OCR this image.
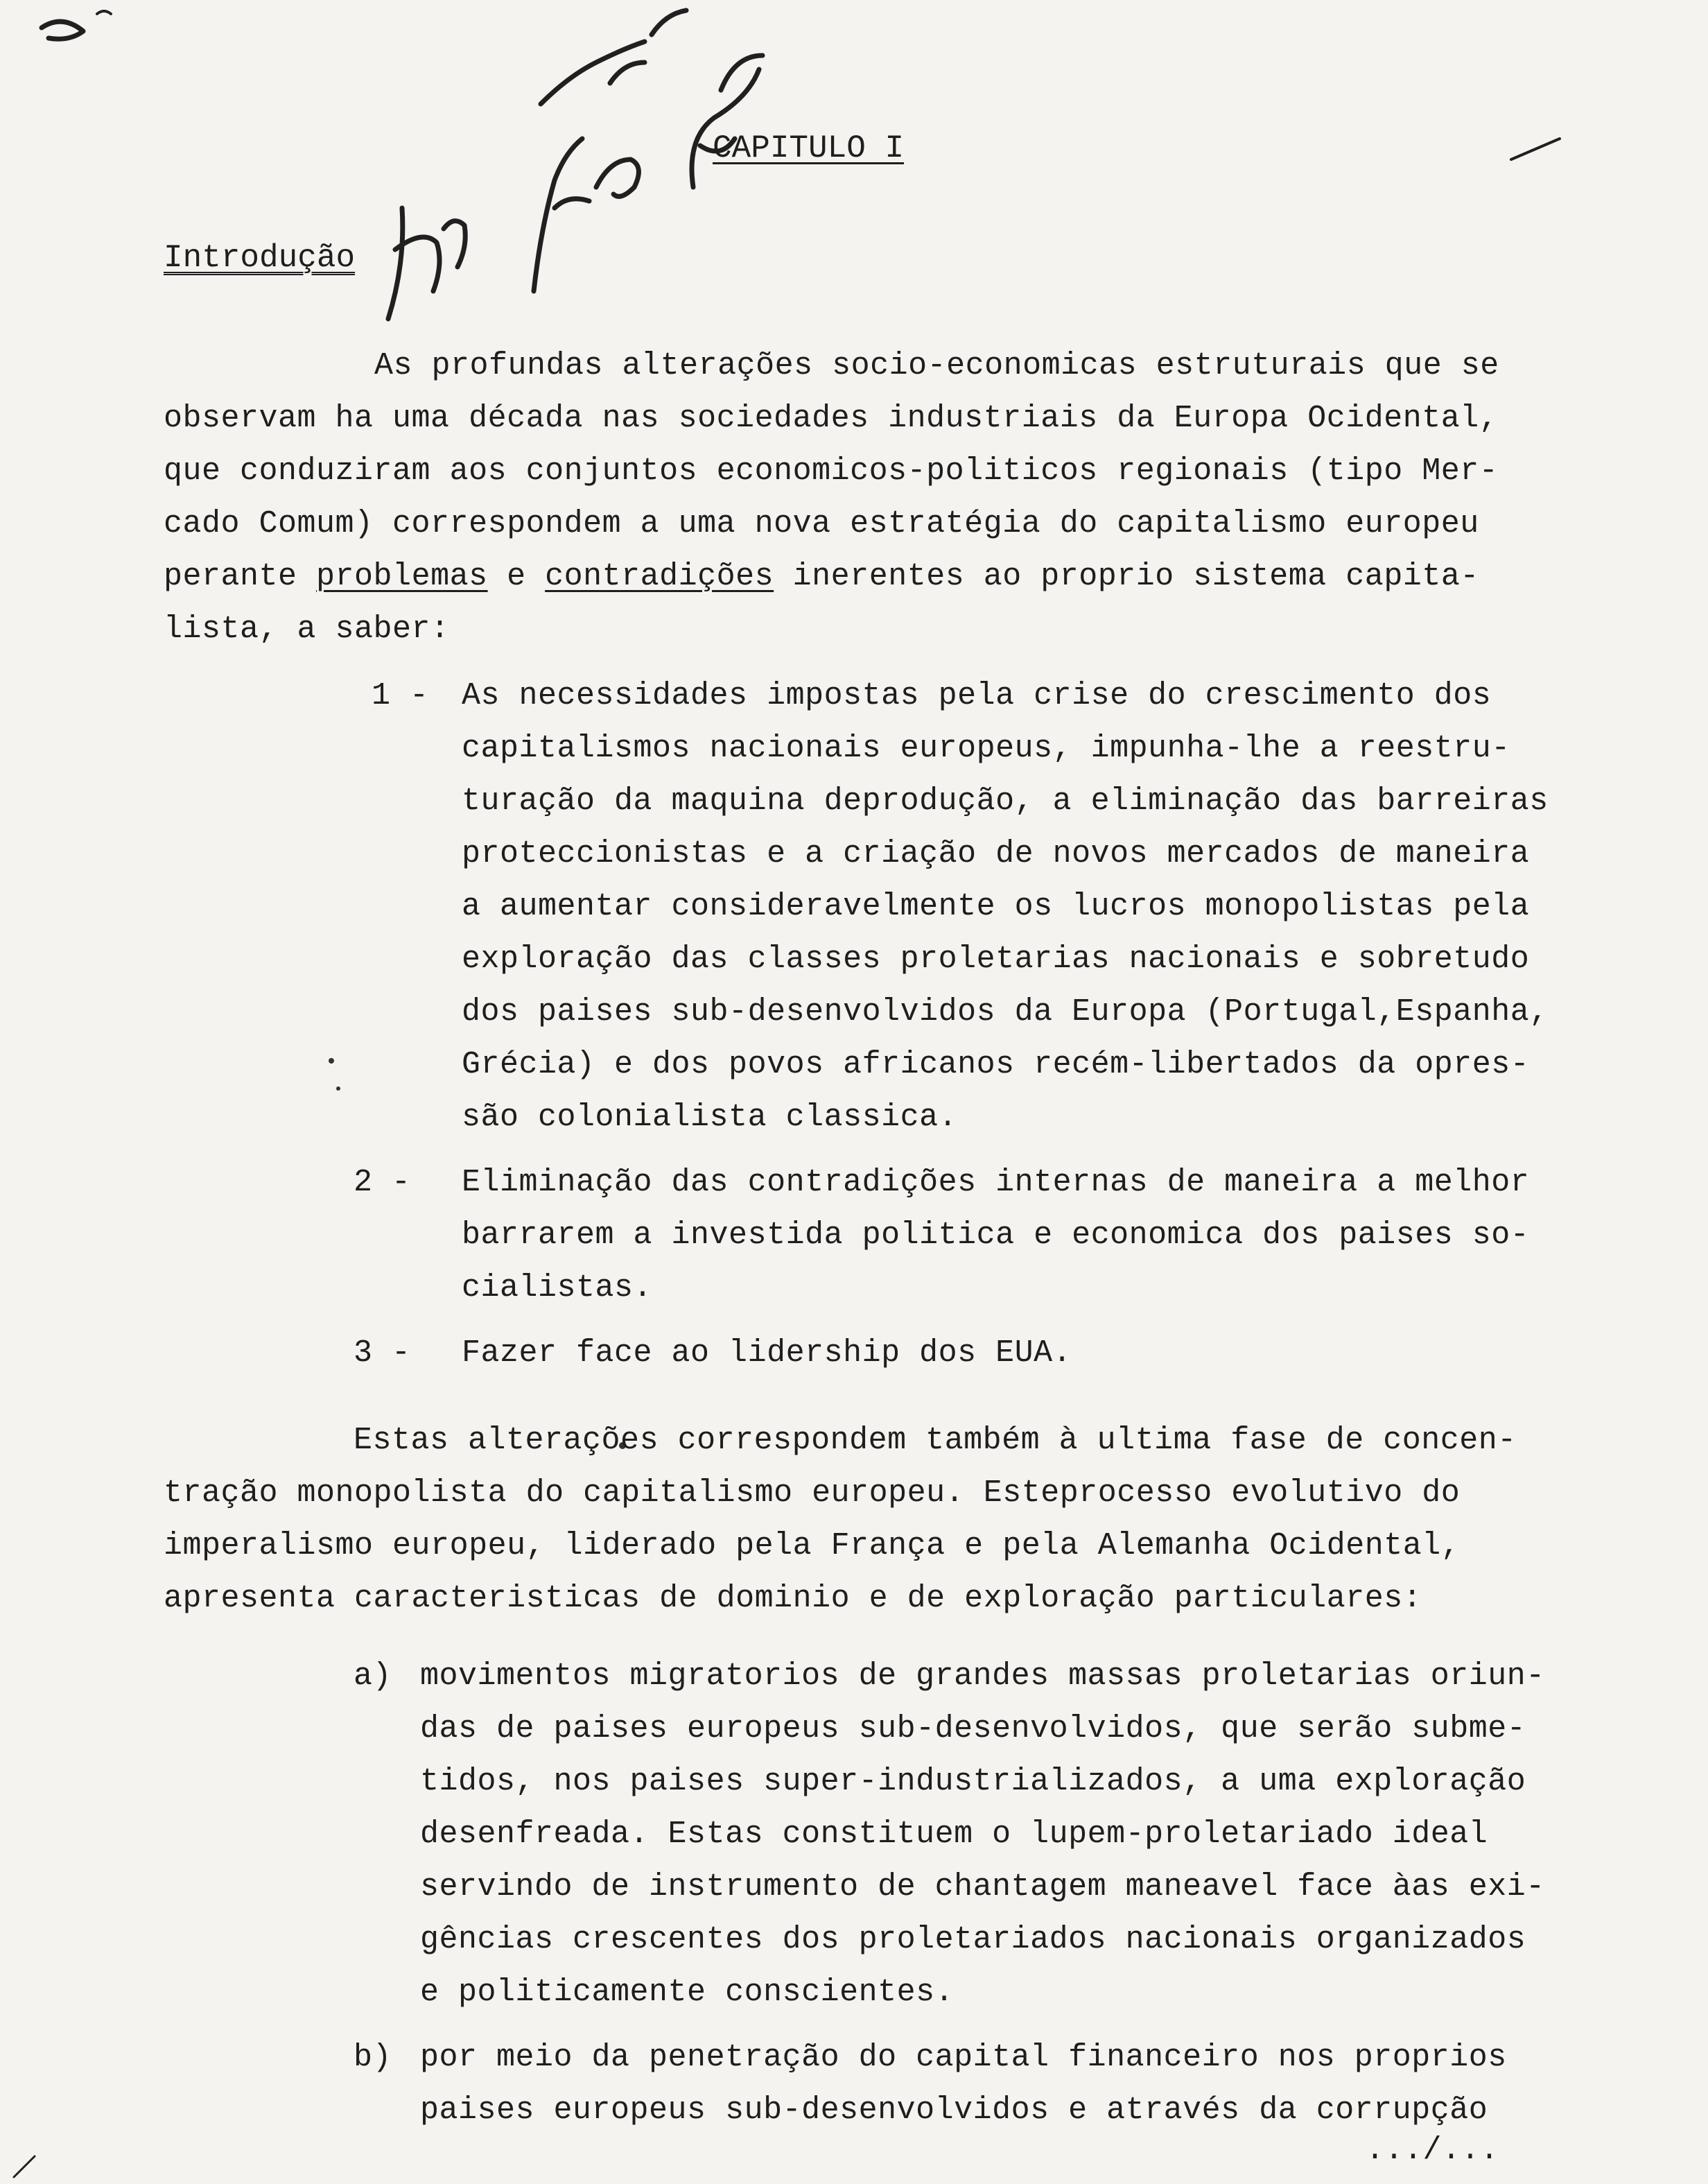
CAPITULO I
Introdução
As profundas alterações socio-economicas estruturais que se
observam ha uma década nas sociedades industriais da Europa Ocidental,
que conduziram aos conjuntos economicos-politicos regionais (tipo Mer-
cado Comum) correspondem a uma nova estratégia do capitalismo europeu
perante problemas e contradições inerentes ao proprio sistema capita-
lista, a saber:
1 - As necessidades impostas pela crise do crescimento dos
capitalismos nacionais europeus, impunha-lhe a reestru-
turação da maquina deprodução, a eliminação das barreiras
proteccionistas e a criação de novos mercados de maneira
a aumentar consideravelmente os lucros monopolistas pela
exploração das classes proletarias nacionais e sobretudo
dos paises sub-desenvolvidos da Europa (Portugal,Espanha,
Grécia) e dos povos africanos recém-libertados da opres-
são colonialista classica.
2 - Eliminação das contradições internas de maneira a melhor
barrarem a investida politica e economica dos paises so-
cialistas.
3 - Fazer face ao lidership dos EUA.
Estas alterações correspondem também à ultima fase de concen-
tração monopolista do capitalismo europeu. Esteprocesso evolutivo do
imperalismo europeu, liderado pela França e pela Alemanha Ocidental,
apresenta caracteristicas de dominio e de exploração particulares:
a) movimentos migratorios de grandes massas proletarias oriun-
das de paises europeus sub-desenvolvidos, que serão subme-
tidos, nos paises super-industrializados, a uma exploração
desenfreada. Estas constituem o lupem-proletariado ideal
servindo de instrumento de chantagem maneavel face àas exi-
gências crescentes dos proletariados nacionais organizados
e politicamente conscientes.
b) por meio da penetração do capital financeiro nos proprios
paises europeus sub-desenvolvidos e através da corrupção
.../...
